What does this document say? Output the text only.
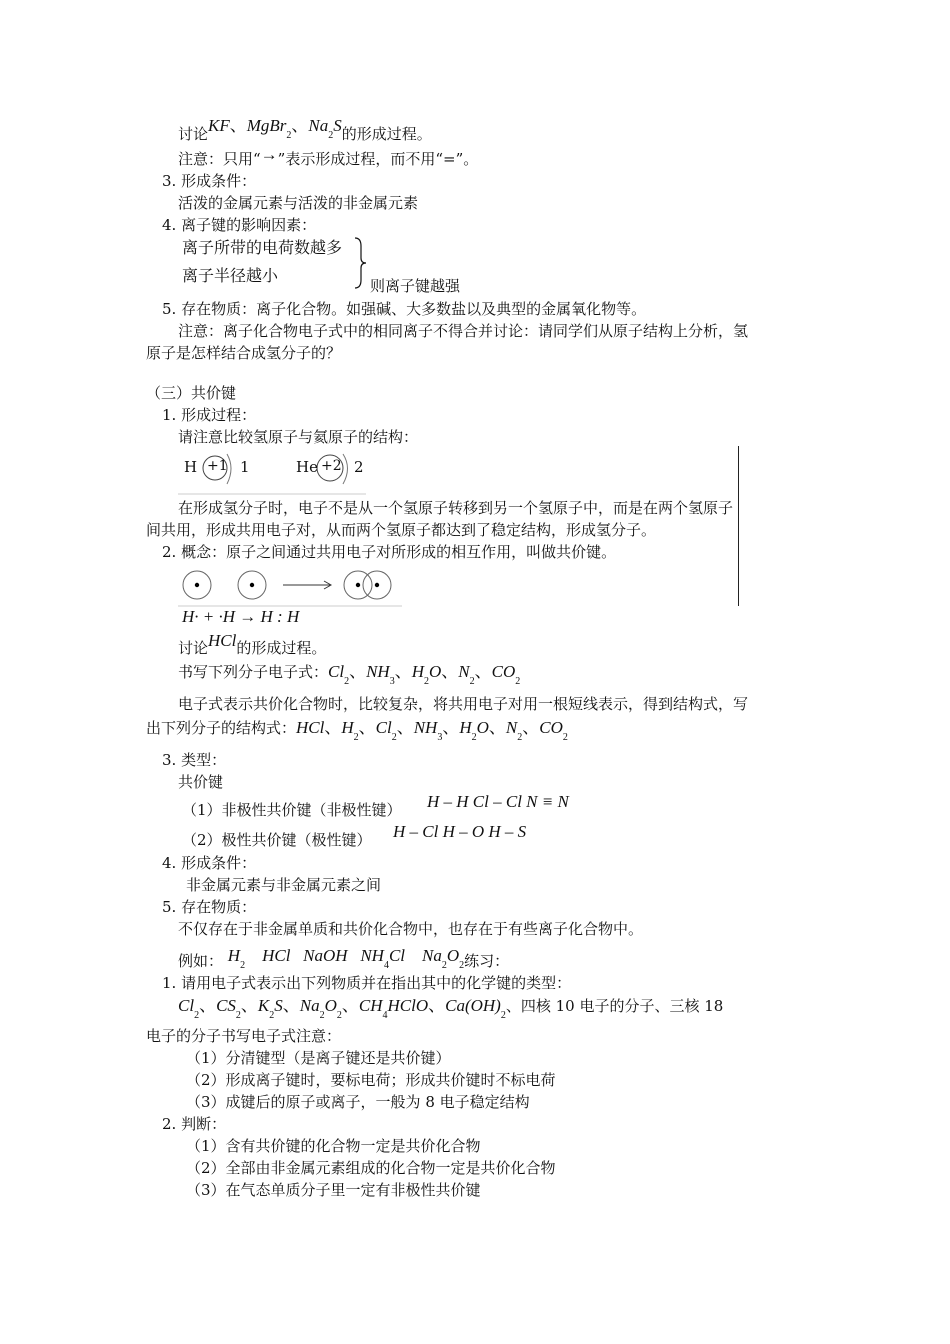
讨论KF、MgBr$_2$、$Na_2S$的形成过程。
注意：只用“→”表示形成过程，而不用“=”。
3. 形成条件：
活泼的金属元素与活泼的非金属元素
4. 离子键的影响因素：
离子所带的电荷数越多
离子半径越小
则离子键越强
5. 存在物质：离子化合物。如强碱、大多数盐以及典型的金属氧化物等。
注意：离子化合物电子式中的相同离子不得合并讨论：请同学们从原子结构上分析，氢
原子是怎样结合成氢分子的？
（三）共价键
1. 形成过程：
请注意比较氢原子与氦原子的结构：
H +1 1	He +2 2
在形成氢分子时，电子不是从一个氢原子转移到另一个氢原子中，而是在两个氢原子
间共用，形成共用电子对，从而两个氢原子都达到了稳定结构，形成氢分子。
2. 概念：原子之间通过共用电子对所形成的相互作用，叫做共价键。
H· + ·H → H : H
讨论HCl的形成过程。
书写下列分子电子式：$Cl_2$、$NH_3$、$H_2O$、$N_2$、$CO_2$
电子式表示共价化合物时，比较复杂，将共用电子对用一根短线表示，得到结构式，写
出下列分子的结构式：HCl、$H_2$、$Cl_2$、$NH_3$、$H_2O$、$N_2$、$CO_2$
3. 类型：
共价键
（1）非极性共价键（非极性键） H – H Cl – Cl N ≡ N
（2）极性共价键（极性键） H – Cl H – O H – S
4. 形成条件：
非金属元素与非金属元素之间
5. 存在物质：
不仅存在于非金属单质和共价化合物中，也存在于有些离子化合物中。
例如： $H_2$    HCl NaOH $NH_4Cl$ $Na_2O_2$练习：
1. 请用电子式表示出下列物质并在指出其中的化学键的类型：
$Cl_2$、$CS_2$、$K_2S$、$Na_2O_2$、$CH_4HClO$、$Ca(OH)_2$、四核 10 电子的分子、三核 18
电子的分子书写电子式注意：
（1）分清键型（是离子键还是共价键）
（2）形成离子键时，要标电荷；形成共价键时不标电荷
（3）成键后的原子或离子，一般为 8 电子稳定结构
2. 判断：
（1）含有共价键的化合物一定是共价化合物
（2）全部由非金属元素组成的化合物一定是共价化合物
（3）在气态单质分子里一定有非极性共价键
